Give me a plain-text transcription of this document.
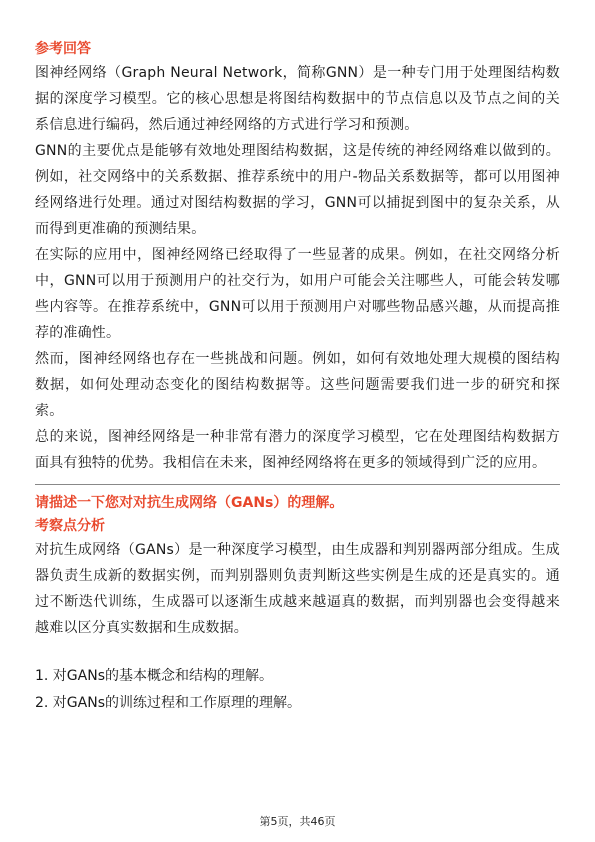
参考回答

图神经网络（Graph Neural Network，简称GNN）是一种专门用于处理图结构数据的深度学习模型。它的核心思想是将图结构数据中的节点信息以及节点之间的关系信息进行编码，然后通过神经网络的方式进行学习和预测。

GNN的主要优点是能够有效地处理图结构数据，这是传统的神经网络难以做到的。例如，社交网络中的关系数据、推荐系统中的用户-物品关系数据等，都可以用图神经网络进行处理。通过对图结构数据的学习，GNN可以捕捉到图中的复杂关系，从而得到更准确的预测结果。

在实际的应用中，图神经网络已经取得了一些显著的成果。例如，在社交网络分析中，GNN可以用于预测用户的社交行为，如用户可能会关注哪些人，可能会转发哪些内容等。在推荐系统中，GNN可以用于预测用户对哪些物品感兴趣，从而提高推荐的准确性。

然而，图神经网络也存在一些挑战和问题。例如，如何有效地处理大规模的图结构数据，如何处理动态变化的图结构数据等。这些问题需要我们进一步的研究和探索。

总的来说，图神经网络是一种非常有潜力的深度学习模型，它在处理图结构数据方面具有独特的优势。我相信在未来，图神经网络将在更多的领域得到广泛的应用。

请描述一下您对对抗生成网络（GANs）的理解。

考察点分析

对抗生成网络（GANs）是一种深度学习模型，由生成器和判别器两部分组成。生成器负责生成新的数据实例，而判别器则负责判断这些实例是生成的还是真实的。通过不断迭代训练，生成器可以逐渐生成越来越逼真的数据，而判别器也会变得越来越难以区分真实数据和生成数据。

1. 对GANs的基本概念和结构的理解。

2. 对GANs的训练过程和工作原理的理解。

第5页，共46页
